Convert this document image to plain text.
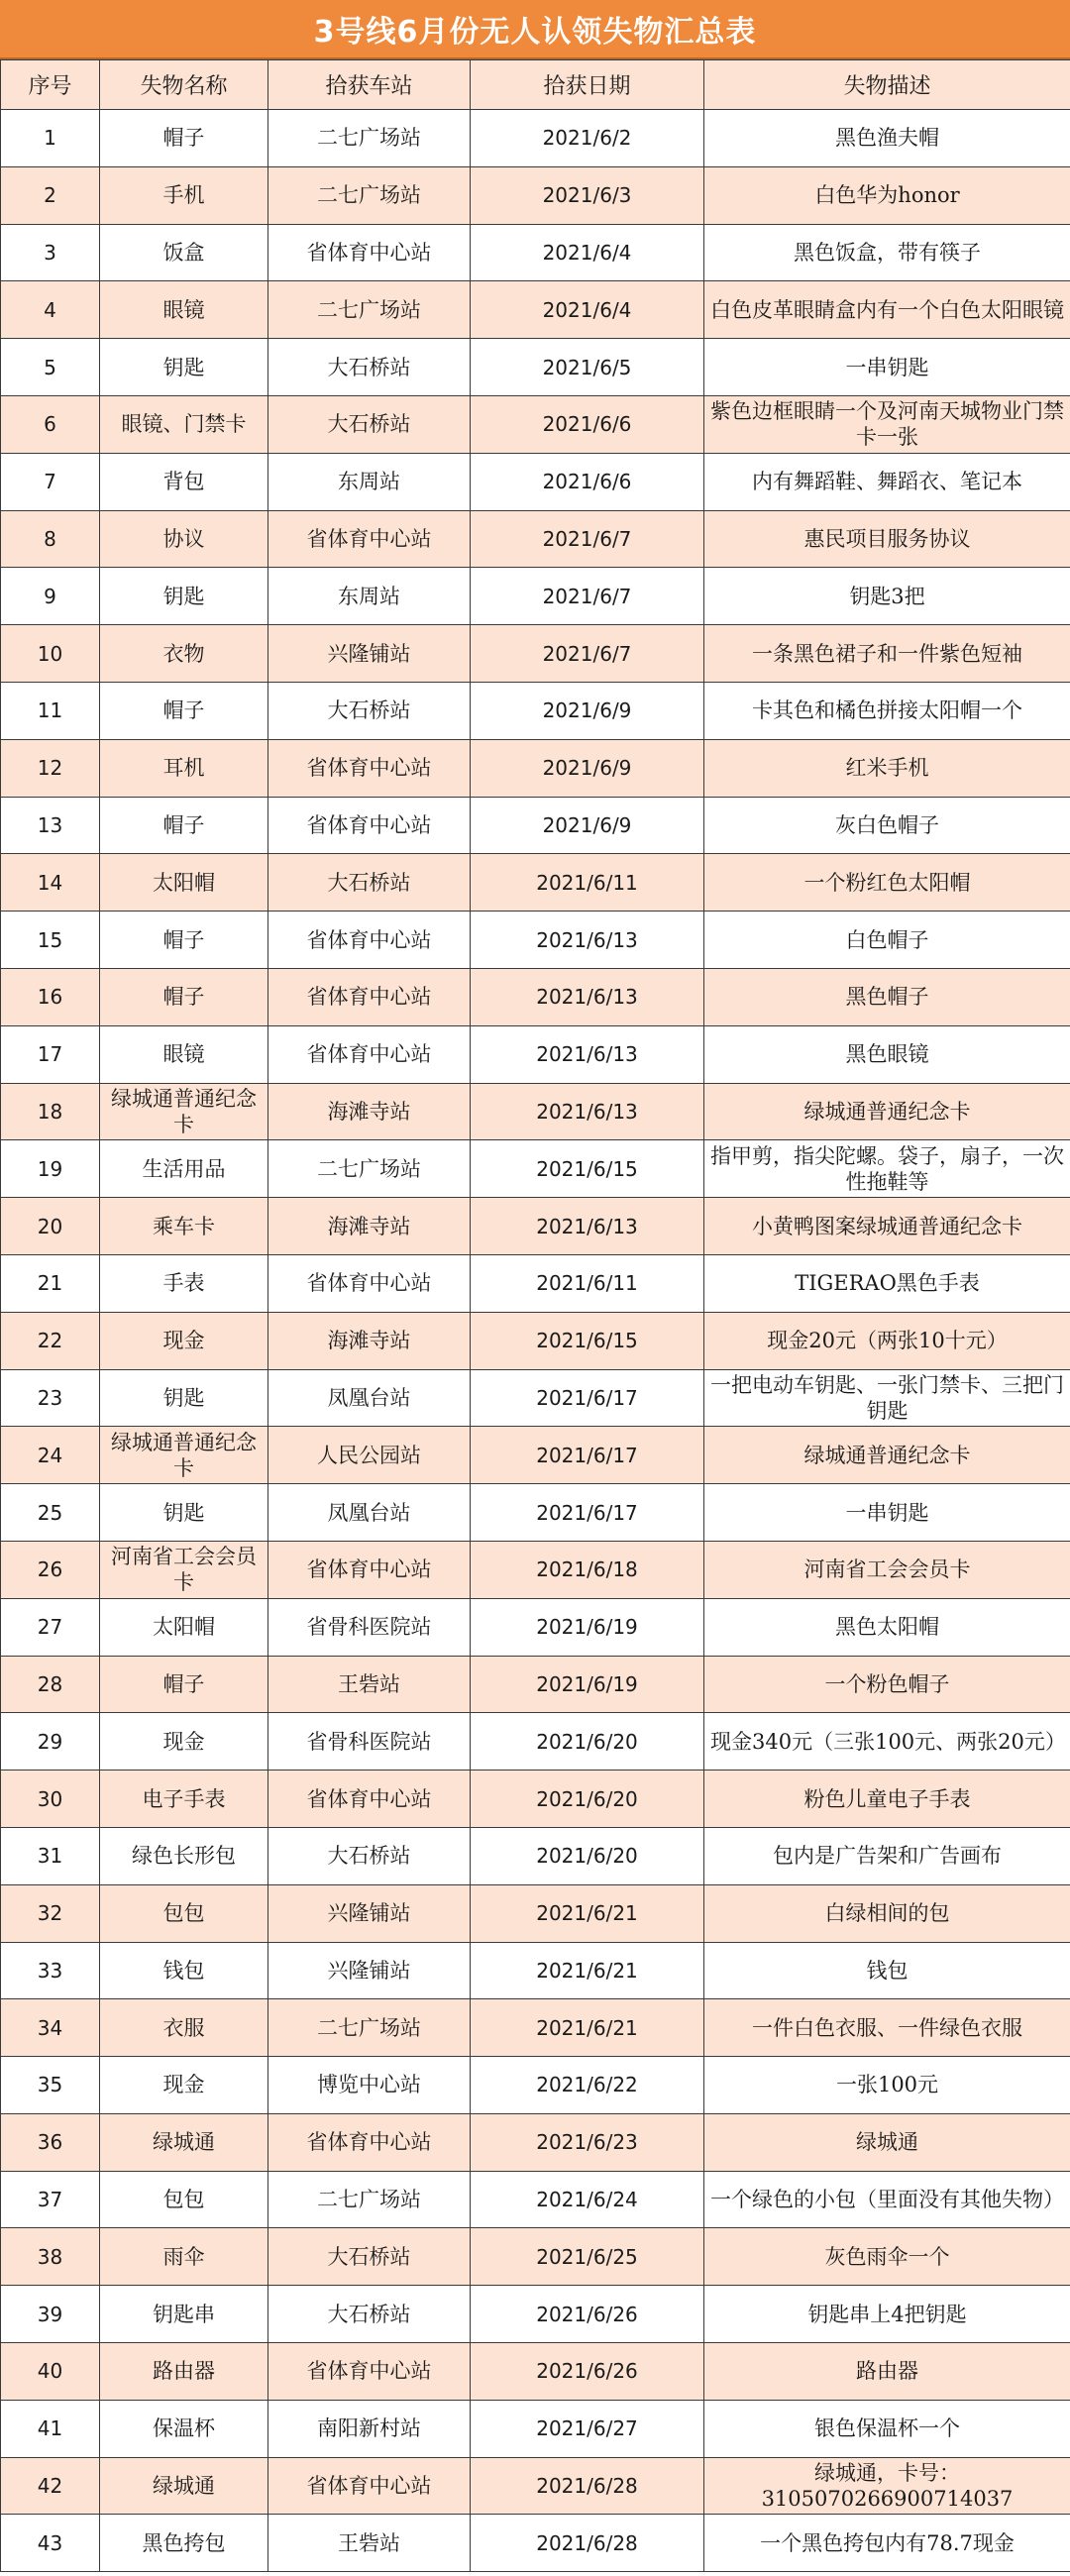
3号线6月份无人认领失物汇总表
序号	失物名称	拾获车站	拾获日期	失物描述
1	帽子	二七广场站	2021/6/2	黑色渔夫帽
2	手机	二七广场站	2021/6/3	白色华为honor
3	饭盒	省体育中心站	2021/6/4	黑色饭盒，带有筷子
4	眼镜	二七广场站	2021/6/4	白色皮革眼睛盒内有一个白色太阳眼镜
5	钥匙	大石桥站	2021/6/5	一串钥匙
6	眼镜、门禁卡	大石桥站	2021/6/6	紫色边框眼睛一个及河南天城物业门禁卡一张
7	背包	东周站	2021/6/6	内有舞蹈鞋、舞蹈衣、笔记本
8	协议	省体育中心站	2021/6/7	惠民项目服务协议
9	钥匙	东周站	2021/6/7	钥匙3把
10	衣物	兴隆铺站	2021/6/7	一条黑色裙子和一件紫色短袖
11	帽子	大石桥站	2021/6/9	卡其色和橘色拼接太阳帽一个
12	耳机	省体育中心站	2021/6/9	红米手机
13	帽子	省体育中心站	2021/6/9	灰白色帽子
14	太阳帽	大石桥站	2021/6/11	一个粉红色太阳帽
15	帽子	省体育中心站	2021/6/13	白色帽子
16	帽子	省体育中心站	2021/6/13	黑色帽子
17	眼镜	省体育中心站	2021/6/13	黑色眼镜
18	绿城通普通纪念卡	海滩寺站	2021/6/13	绿城通普通纪念卡
19	生活用品	二七广场站	2021/6/15	指甲剪，指尖陀螺。袋子，扇子，一次性拖鞋等
20	乘车卡	海滩寺站	2021/6/13	小黄鸭图案绿城通普通纪念卡
21	手表	省体育中心站	2021/6/11	TIGERAO黑色手表
22	现金	海滩寺站	2021/6/15	现金20元（两张10十元）
23	钥匙	凤凰台站	2021/6/17	一把电动车钥匙、一张门禁卡、三把门钥匙
24	绿城通普通纪念卡	人民公园站	2021/6/17	绿城通普通纪念卡
25	钥匙	凤凰台站	2021/6/17	一串钥匙
26	河南省工会会员卡	省体育中心站	2021/6/18	河南省工会会员卡
27	太阳帽	省骨科医院站	2021/6/19	黑色太阳帽
28	帽子	王砦站	2021/6/19	一个粉色帽子
29	现金	省骨科医院站	2021/6/20	现金340元（三张100元、两张20元）
30	电子手表	省体育中心站	2021/6/20	粉色儿童电子手表
31	绿色长形包	大石桥站	2021/6/20	包内是广告架和广告画布
32	包包	兴隆铺站	2021/6/21	白绿相间的包
33	钱包	兴隆铺站	2021/6/21	钱包
34	衣服	二七广场站	2021/6/21	一件白色衣服、一件绿色衣服
35	现金	博览中心站	2021/6/22	一张100元
36	绿城通	省体育中心站	2021/6/23	绿城通
37	包包	二七广场站	2021/6/24	一个绿色的小包（里面没有其他失物）
38	雨伞	大石桥站	2021/6/25	灰色雨伞一个
39	钥匙串	大石桥站	2021/6/26	钥匙串上4把钥匙
40	路由器	省体育中心站	2021/6/26	路由器
41	保温杯	南阳新村站	2021/6/27	银色保温杯一个
42	绿城通	省体育中心站	2021/6/28	绿城通，卡号：3105070266900714037
43	黑色挎包	王砦站	2021/6/28	一个黑色挎包内有78.7现金
